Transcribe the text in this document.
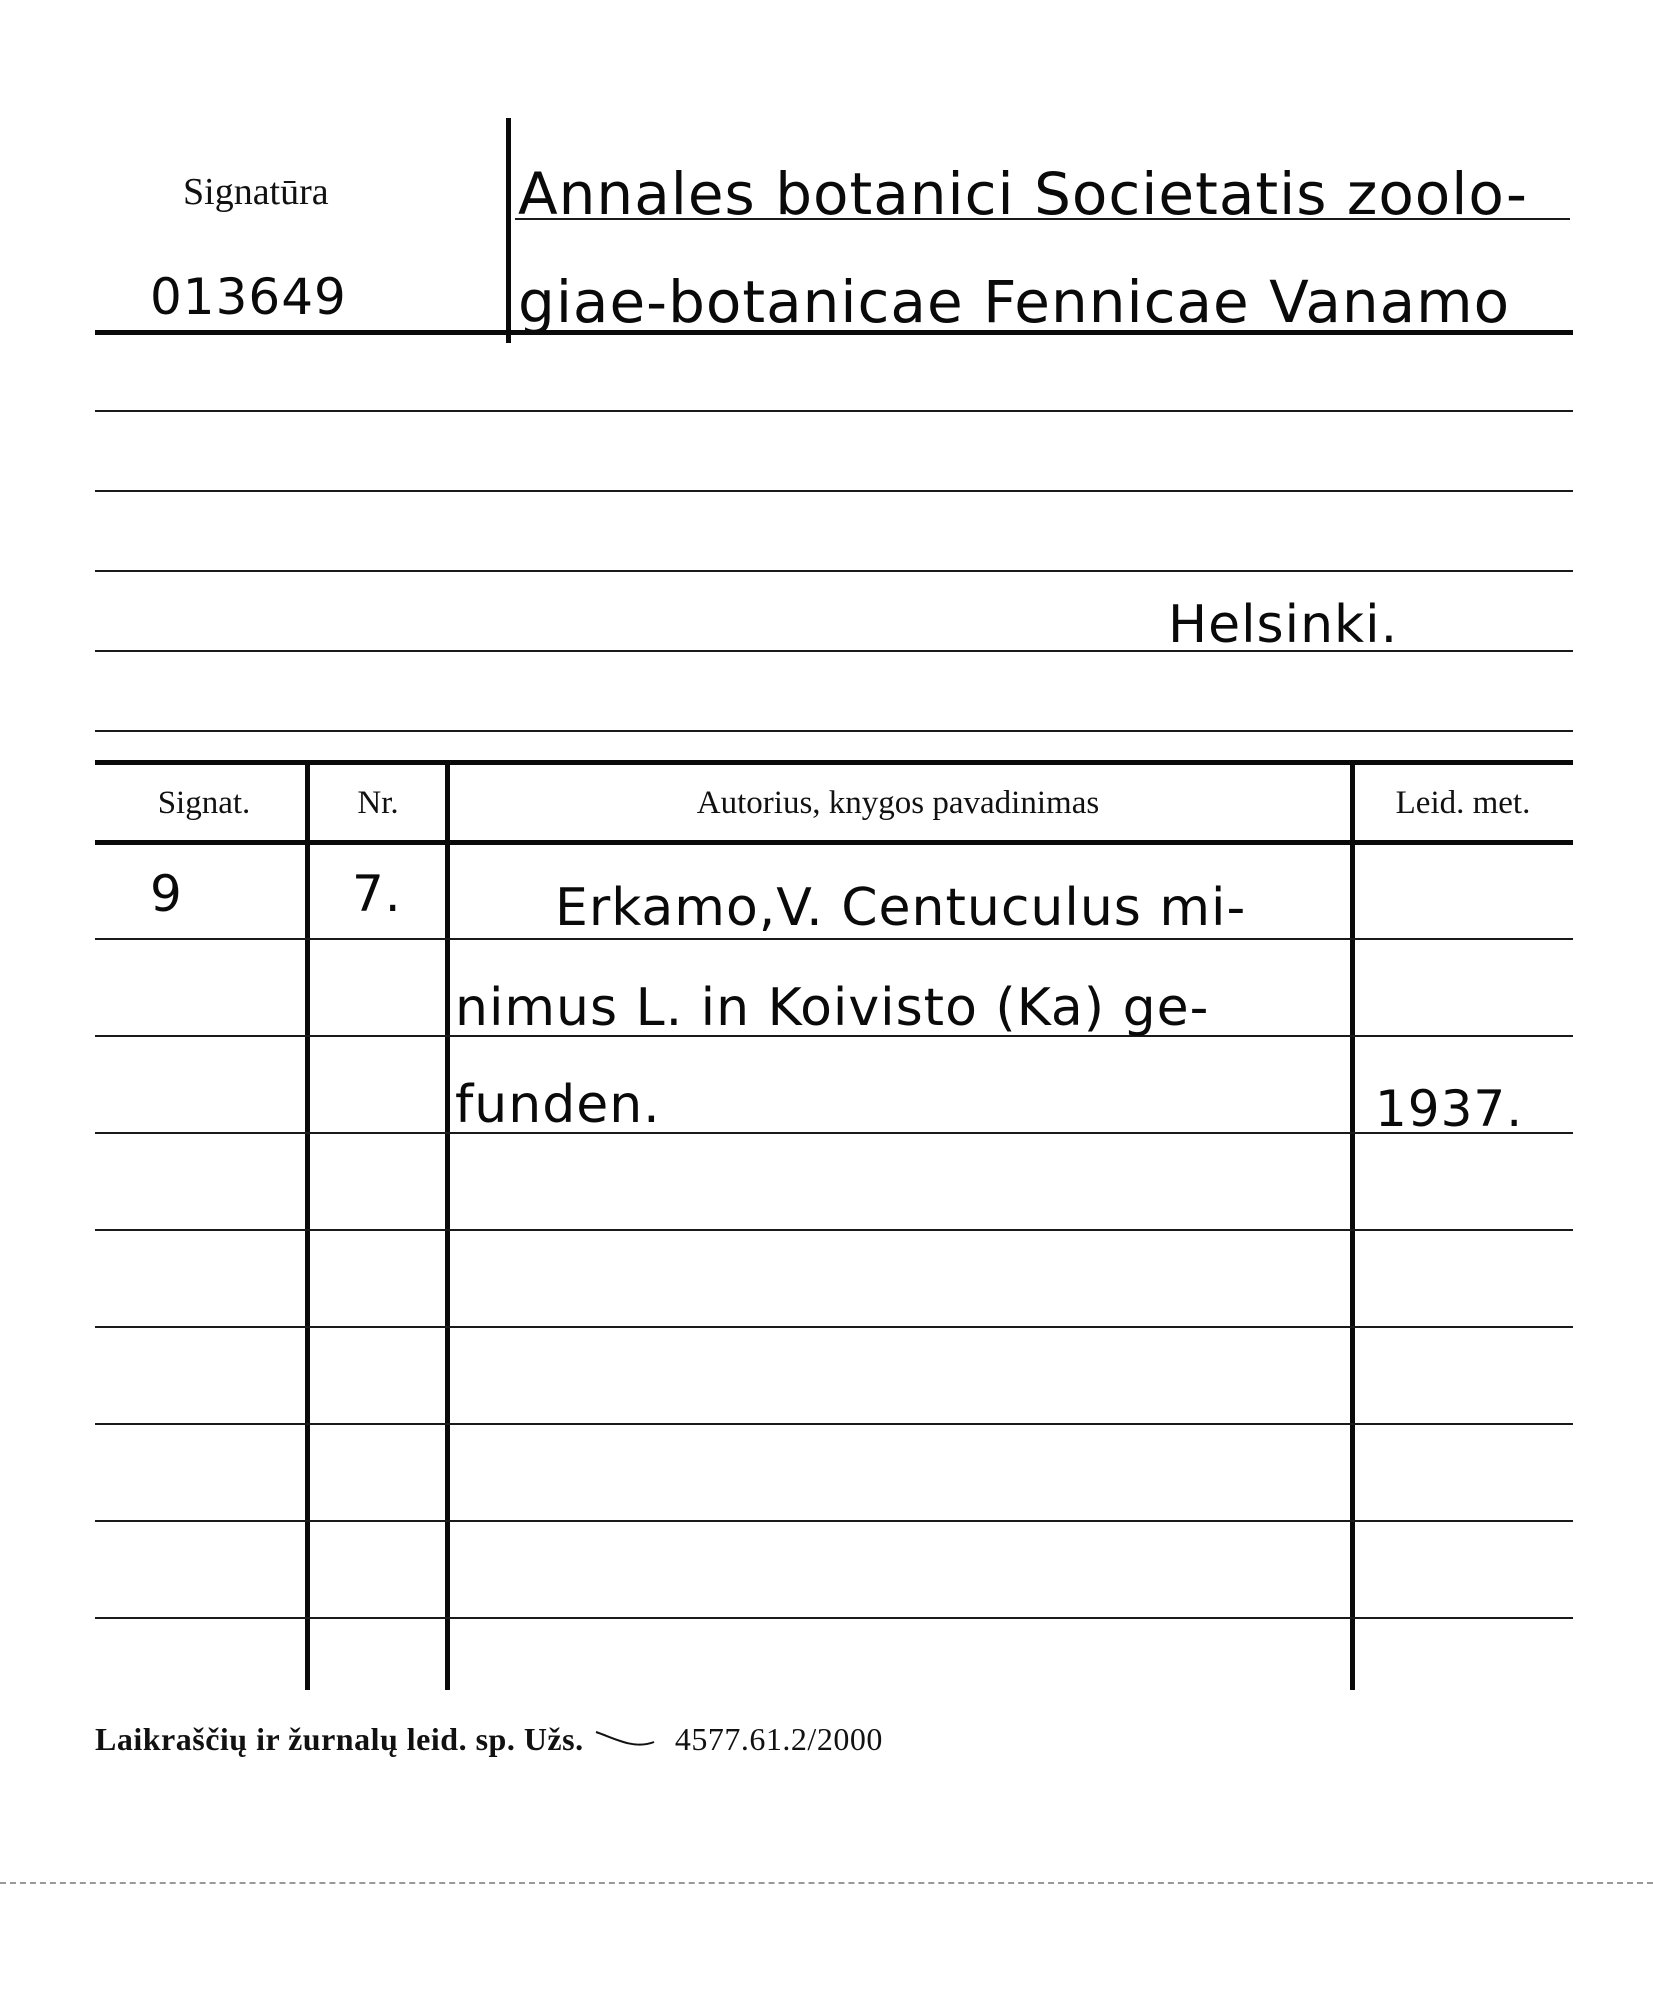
Signatūra
013649
Annales botanici Societatis zoolo-
giae-botanicae Fennicae Vanamo
Helsinki.
Signat.	Nr.	Autorius, knygos pavadinimas	Leid. met.
9	7.	Erkamo,V. Centuculus mi-
nimus L. in Koivisto (Ka) ge-
funden.	1937.
Laikraščių ir žurnalų leid. sp. Užs.	4577.61.2/2000
